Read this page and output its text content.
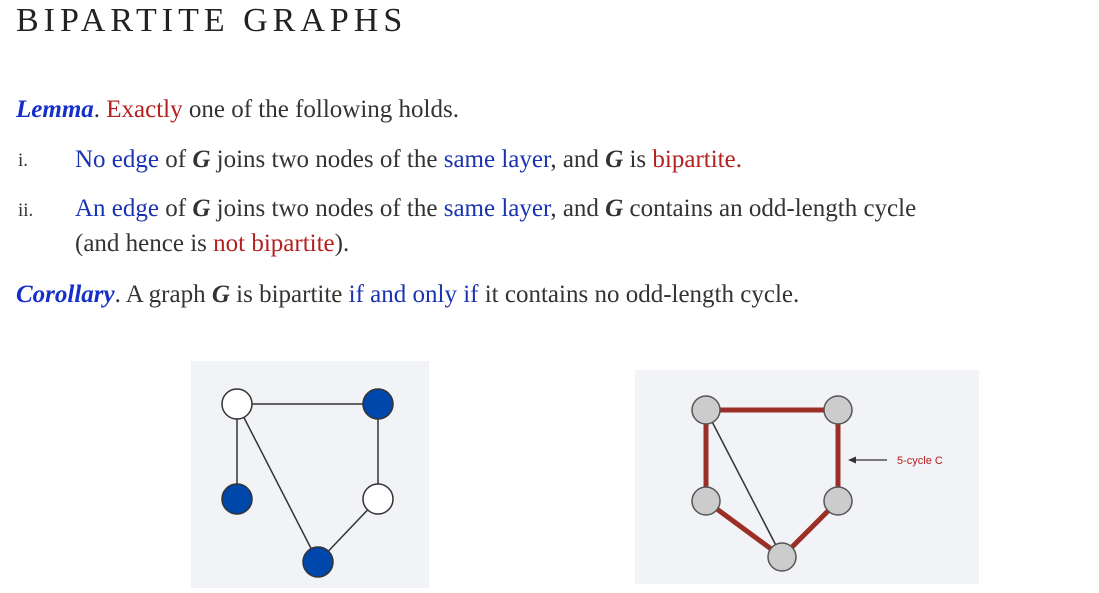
BIPARTITE GRAPHS
Lemma. Exactly one of the following holds.
i. No edge of G joins two nodes of the same layer, and G is bipartite.
ii. An edge of G joins two nodes of the same layer, and G contains an odd-length cycle
(and hence is not bipartite).
Corollary. A graph G is bipartite if and only if it contains no odd-length cycle.
5-cycle C
